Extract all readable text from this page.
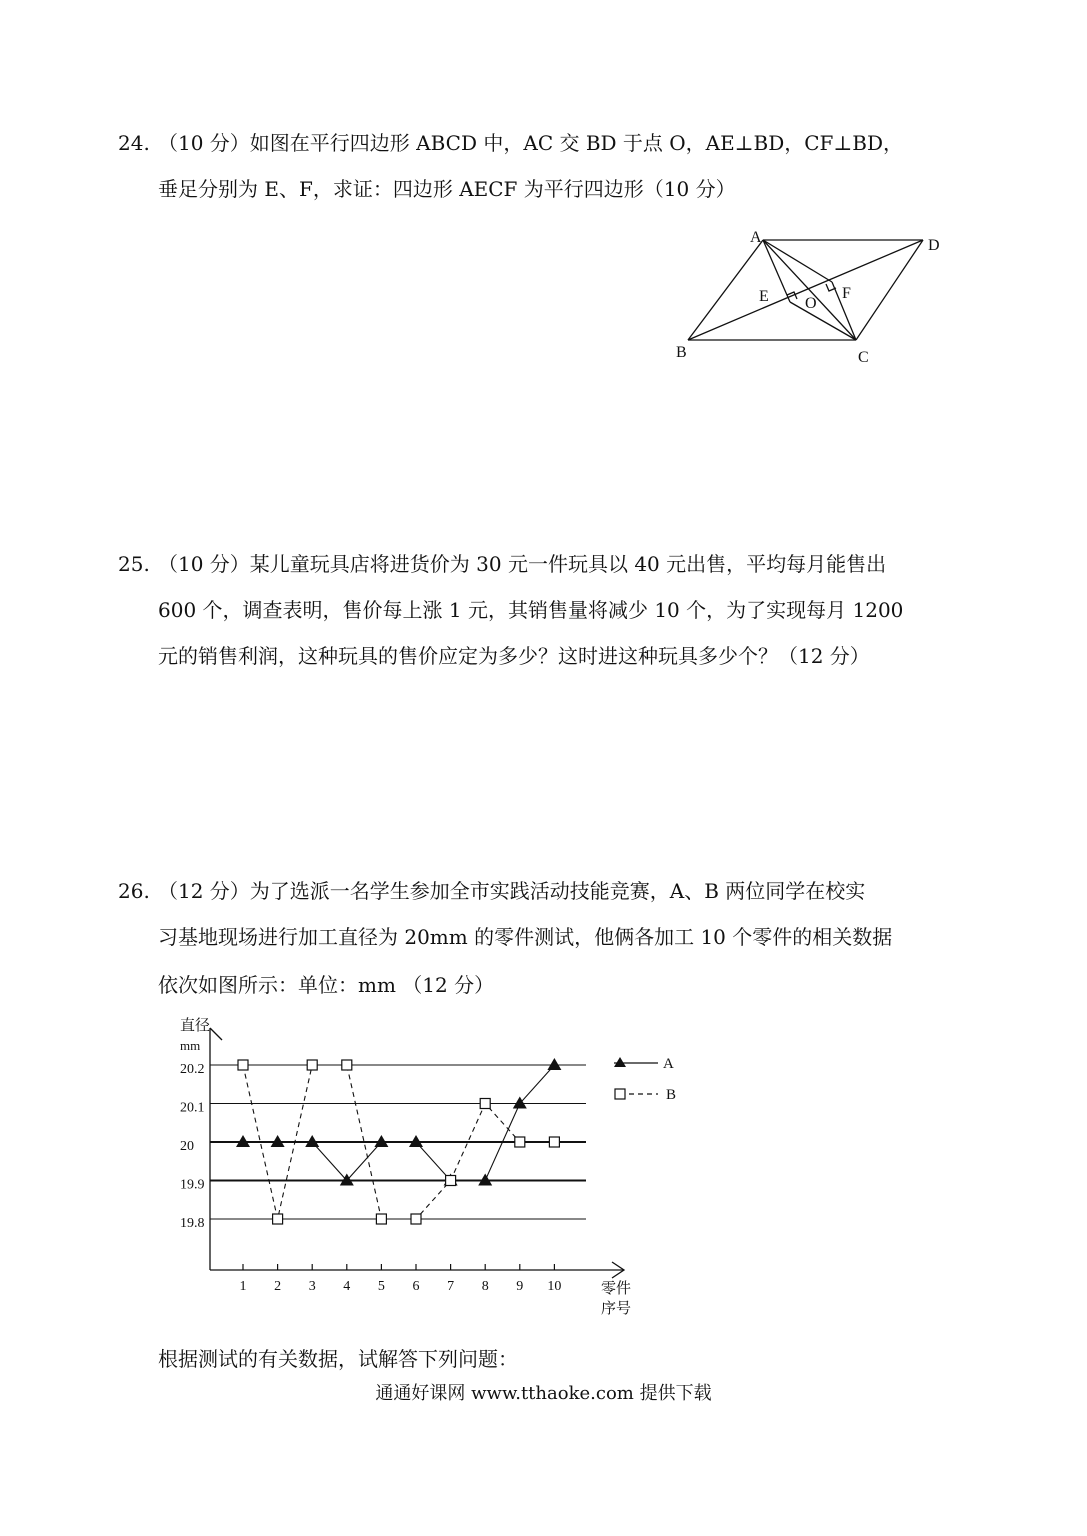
24. （10 分）如图在平行四边形 ABCD 中，AC 交 BD 于点 O，AE⊥BD，CF⊥BD，
垂足分别为 E、F，求证：四边形 AECF 为平行四边形（10 分）
A	D
B	C
E	F
O
25. （10 分）某儿童玩具店将进货价为 30 元一件玩具以 40 元出售，平均每月能售出
600 个，调查表明，售价每上涨 1 元，其销售量将减少 10 个，为了实现每月 1200
元的销售利润，这种玩具的售价应定为多少？这时进这种玩具多少个？（12 分）
26. （12 分）为了选派一名学生参加全市实践活动技能竞赛，A、B 两位同学在校实
习基地现场进行加工直径为 20mm 的零件测试，他俩各加工 10 个零件的相关数据
依次如图所示：单位：mm （12 分）
19.8
19.9
20
20.1
20.2
1 2 3 4 5 6 7 8 9 10
直径
mm
零件
序号
A
B
根据测试的有关数据，试解答下列问题：
通通好课网 www.tthaoke.com 提供下载
